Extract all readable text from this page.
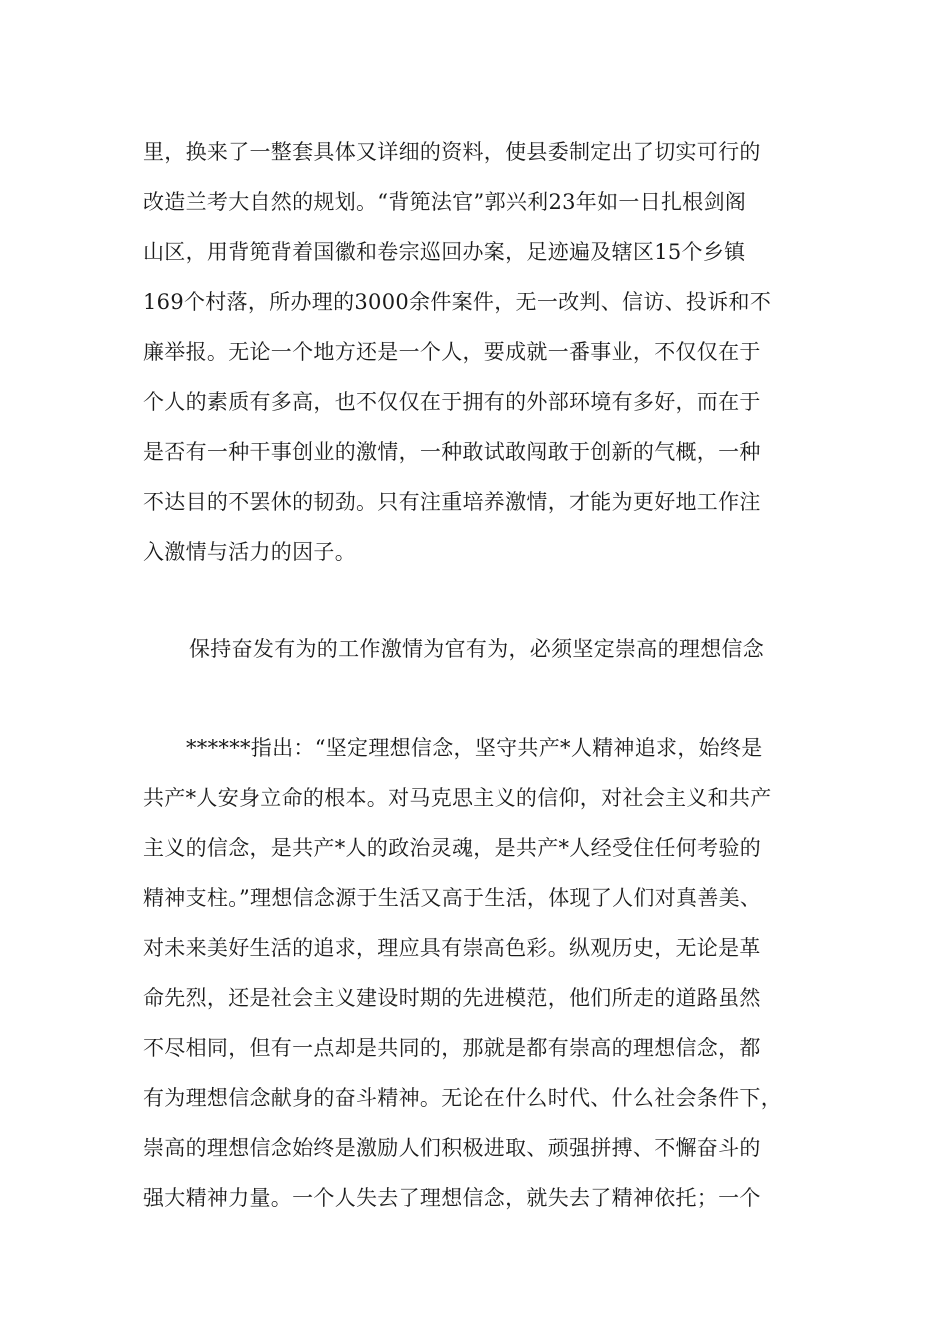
里，换来了一整套具体又详细的资料，使县委制定出了切实可行的
改造兰考大自然的规划。“背篼法官”郭兴利23年如一日扎根剑阁
山区，用背篼背着国徽和卷宗巡回办案，足迹遍及辖区15个乡镇
169个村落，所办理的3000余件案件，无一改判、信访、投诉和不
廉举报。无论一个地方还是一个人，要成就一番事业，不仅仅在于
个人的素质有多高，也不仅仅在于拥有的外部环境有多好，而在于
是否有一种干事创业的激情，一种敢试敢闯敢于创新的气概，一种
不达目的不罢休的韧劲。只有注重培养激情，才能为更好地工作注
入激情与活力的因子。
保持奋发有为的工作激情为官有为，必须坚定崇高的理想信念
******指出：“坚定理想信念，坚守共产*人精神追求，始终是
共产*人安身立命的根本。对马克思主义的信仰，对社会主义和共产
主义的信念，是共产*人的政治灵魂，是共产*人经受住任何考验的
精神支柱。”理想信念源于生活又高于生活，体现了人们对真善美、
对未来美好生活的追求，理应具有崇高色彩。纵观历史，无论是革
命先烈，还是社会主义建设时期的先进模范，他们所走的道路虽然
不尽相同，但有一点却是共同的，那就是都有崇高的理想信念，都
有为理想信念献身的奋斗精神。无论在什么时代、什么社会条件下，
崇高的理想信念始终是激励人们积极进取、顽强拼搏、不懈奋斗的
强大精神力量。一个人失去了理想信念，就失去了精神依托；一个
